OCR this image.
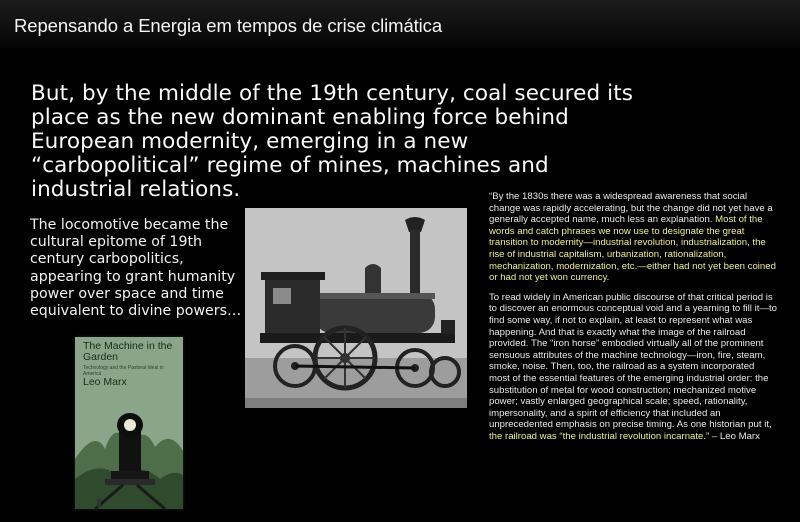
Repensando a Energia em tempos de crise climática
But, by the middle of the 19th century, coal secured its place as the new dominant enabling force behind European modernity, emerging in a new “carbopolitical” regime of mines, machines and industrial relations.
The locomotive became the cultural epitome of 19th century carbopolitics, appearing to grant humanity power over space and time equivalent to divine powers…
The Machine in the Garden
Technology and the Pastoral Ideal in America
Leo Marx

“By the 1830s there was a widespread awareness that social change was rapidly accelerating, but the change did not yet have a generally accepted name, much less an explanation. Most of the words and catch phrases we now use to designate the great transition to modernity—industrial revolution, industrialization, the rise of industrial capitalism, urbanization, rationalization, mechanization, modernization, etc.—either had not yet been coined or had not yet won currency.

To read widely in American public discourse of that critical period is to discover an enormous conceptual void and a yearning to fill it—to find some way, if not to explain, at least to represent what was happening. And that is exactly what the image of the railroad provided. The “iron horse” embodied virtually all of the prominent sensuous attributes of the machine technology—iron, fire, steam, smoke, noise. Then, too, the railroad as a system incorporated most of the essential features of the emerging industrial order: the substitution of metal for wood construction; mechanized motive power; vastly enlarged geographical scale; speed, rationality, impersonality, and a spirit of efficiency that included an unprecedented emphasis on precise timing. As one historian put it, the railroad was “the industrial revolution incarnate.” – Leo Marx
